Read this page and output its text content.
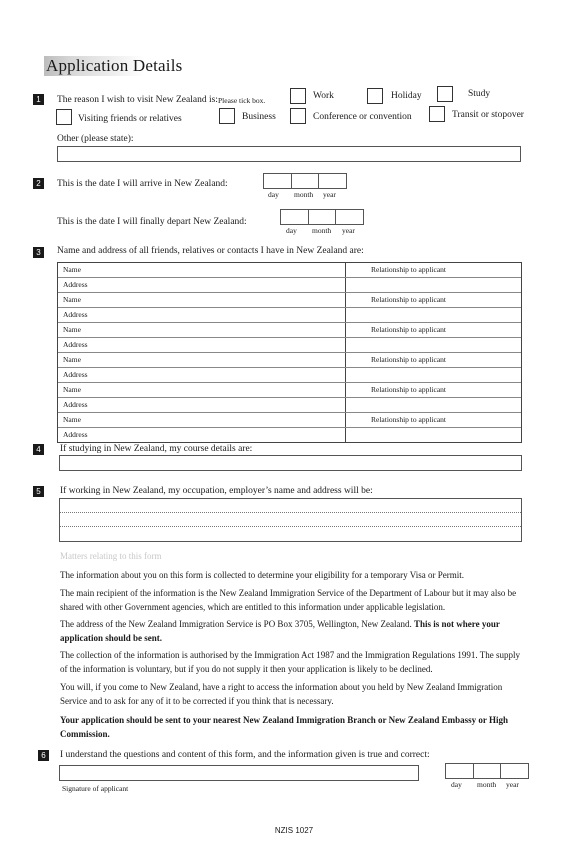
Application Details
1	The reason I wish to visit New Zealand is: Please tick box.	Work	Holiday	Study
Visiting friends or relatives	Business	Conference or convention	Transit or stopover
Other (please state):
2	This is the date I will arrive in New Zealand:
day month year
This is the date I will finally depart New Zealand:
day month year
3	Name and address of all friends, relatives or contacts I have in New Zealand are:
Name	Relationship to applicant
Address
Name	Relationship to applicant
Address
Name	Relationship to applicant
Address
Name	Relationship to applicant
Address
Name	Relationship to applicant
Address
Name	Relationship to applicant
Address
4	If studying in New Zealand, my course details are:
5	If working in New Zealand, my occupation, employer’s name and address will be:
Matters relating to this form
The information about you on this form is collected to determine your eligibility for a temporary Visa or Permit.
The main recipient of the information is the New Zealand Immigration Service of the Department of Labour but it may also be shared with other Government agencies, which are entitled to this information under applicable legislation.
The address of the New Zealand Immigration Service is PO Box 3705, Wellington, New Zealand. This is not where your application should be sent.
The collection of the information is authorised by the Immigration Act 1987 and the Immigration Regulations 1991. The supply of the information is voluntary, but if you do not supply it then your application is likely to be declined.
You will, if you come to New Zealand, have a right to access the information about you held by New Zealand Immigration Service and to ask for any of it to be corrected if you think that is necessary.
Your application should be sent to your nearest New Zealand Immigration Branch or New Zealand Embassy or High Commission.
6	I understand the questions and content of this form, and the information given is true and correct:
Signature of applicant	day month year
NZIS 1027
